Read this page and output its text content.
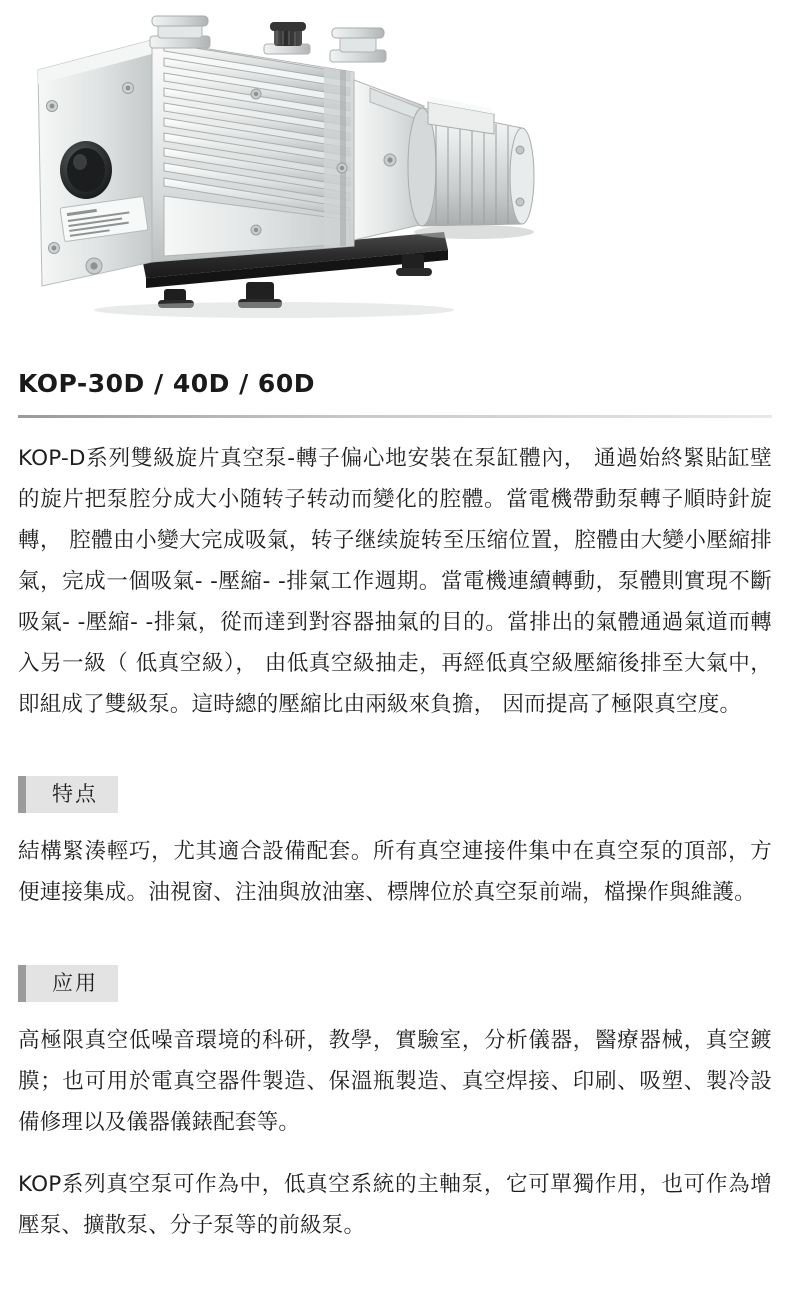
KOP-30D / 40D / 60D

KOP-D系列雙級旋片真空泵-轉子偏心地安裝在泵缸體內， 通過始終緊貼缸壁的旋片把泵腔分成大小随转子转动而變化的腔體。當電機帶動泵轉子順時針旋轉， 腔體由小變大完成吸氣，转子继续旋转至压缩位置，腔體由大變小壓縮排氣，完成一個吸氣- -壓縮- -排氣工作週期。當電機連續轉動，泵體則實現不斷吸氣- -壓縮- -排氣，從而達到對容器抽氣的目的。當排出的氣體通過氣道而轉入另一級（ 低真空級）， 由低真空級抽走，再經低真空級壓縮後排至大氣中，即組成了雙級泵。這時總的壓縮比由兩級來負擔， 因而提高了極限真空度。

特点

結構緊湊輕巧，尤其適合設備配套。所有真空連接件集中在真空泵的頂部，方便連接集成。油視窗、注油與放油塞、標牌位於真空泵前端，檔操作與維護。

应用

高極限真空低噪音環境的科研，教學，實驗室，分析儀器，醫療器械，真空鍍膜；也可用於電真空器件製造、保溫瓶製造、真空焊接、印刷、吸塑、製冷設備修理以及儀器儀錶配套等。

KOP系列真空泵可作為中，低真空系統的主軸泵，它可單獨作用，也可作為增壓泵、擴散泵、分子泵等的前級泵。
